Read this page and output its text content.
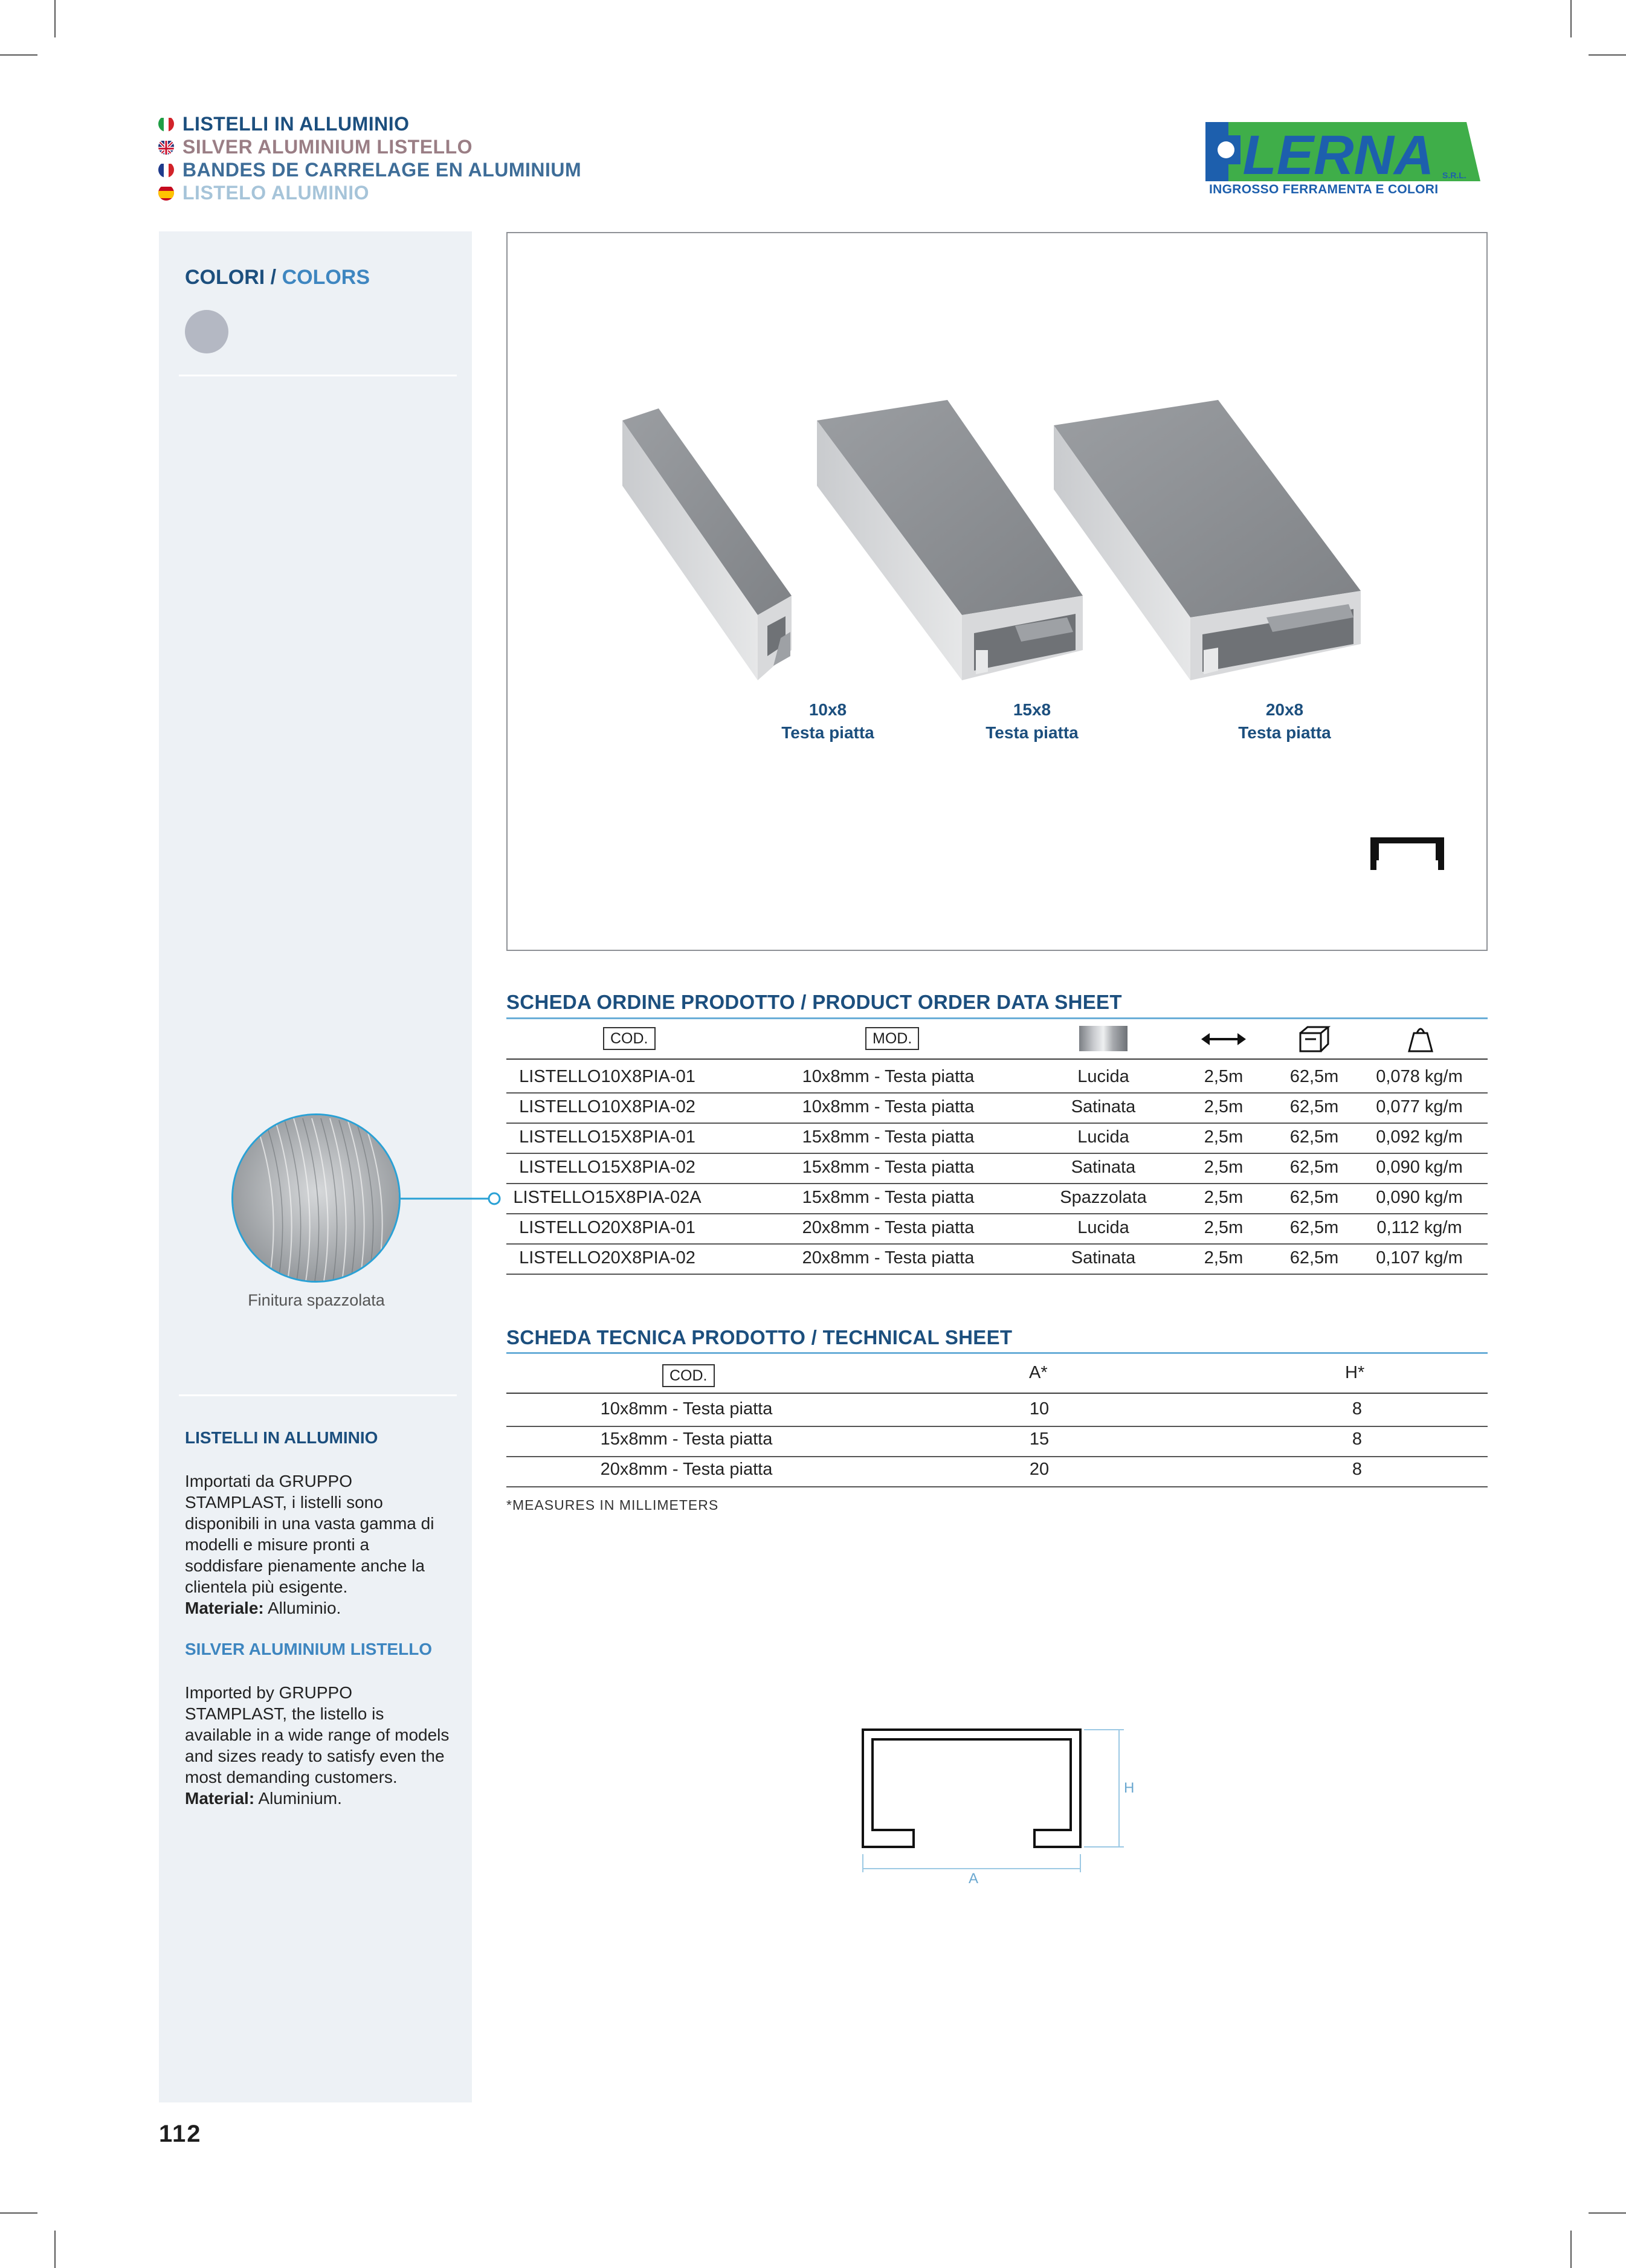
LISTELLI IN ALLUMINIO
SILVER ALUMINIUM LISTELLO
BANDES DE CARRELAGE EN ALUMINIUM
LISTELO ALUMINIO
LERNA S.R.L.
INGROSSO FERRAMENTA E COLORI
COLORI / COLORS
Finitura spazzolata
LISTELLI IN ALLUMINIO
Importati da GRUPPO STAMPLAST, i listelli sono disponibili in una vasta gamma di modelli e misure pronti a soddisfare pienamente anche la clientela più esigente.
Materiale: Alluminio.
SILVER ALUMINIUM LISTELLO
Imported by GRUPPO STAMPLAST, the listello is available in a wide range of models and sizes ready to satisfy even the most demanding customers.
Material: Aluminium.
10x8
Testa piatta
15x8
Testa piatta
20x8
Testa piatta
SCHEDA ORDINE PRODOTTO / PRODUCT ORDER DATA SHEET
COD.	MOD.
LISTELLO10X8PIA-01	10x8mm - Testa piatta	Lucida	2,5m	62,5m	0,078 kg/m
LISTELLO10X8PIA-02	10x8mm - Testa piatta	Satinata	2,5m	62,5m	0,077 kg/m
LISTELLO15X8PIA-01	15x8mm - Testa piatta	Lucida	2,5m	62,5m	0,092 kg/m
LISTELLO15X8PIA-02	15x8mm - Testa piatta	Satinata	2,5m	62,5m	0,090 kg/m
LISTELLO15X8PIA-02A	15x8mm - Testa piatta	Spazzolata	2,5m	62,5m	0,090 kg/m
LISTELLO20X8PIA-01	20x8mm - Testa piatta	Lucida	2,5m	62,5m	0,112 kg/m
LISTELLO20X8PIA-02	20x8mm - Testa piatta	Satinata	2,5m	62,5m	0,107 kg/m
SCHEDA TECNICA PRODOTTO / TECHNICAL SHEET
COD.	A*	H*
10x8mm - Testa piatta	10	8
15x8mm - Testa piatta	15	8
20x8mm - Testa piatta	20	8
*MEASURES IN MILLIMETERS
A
H
112
